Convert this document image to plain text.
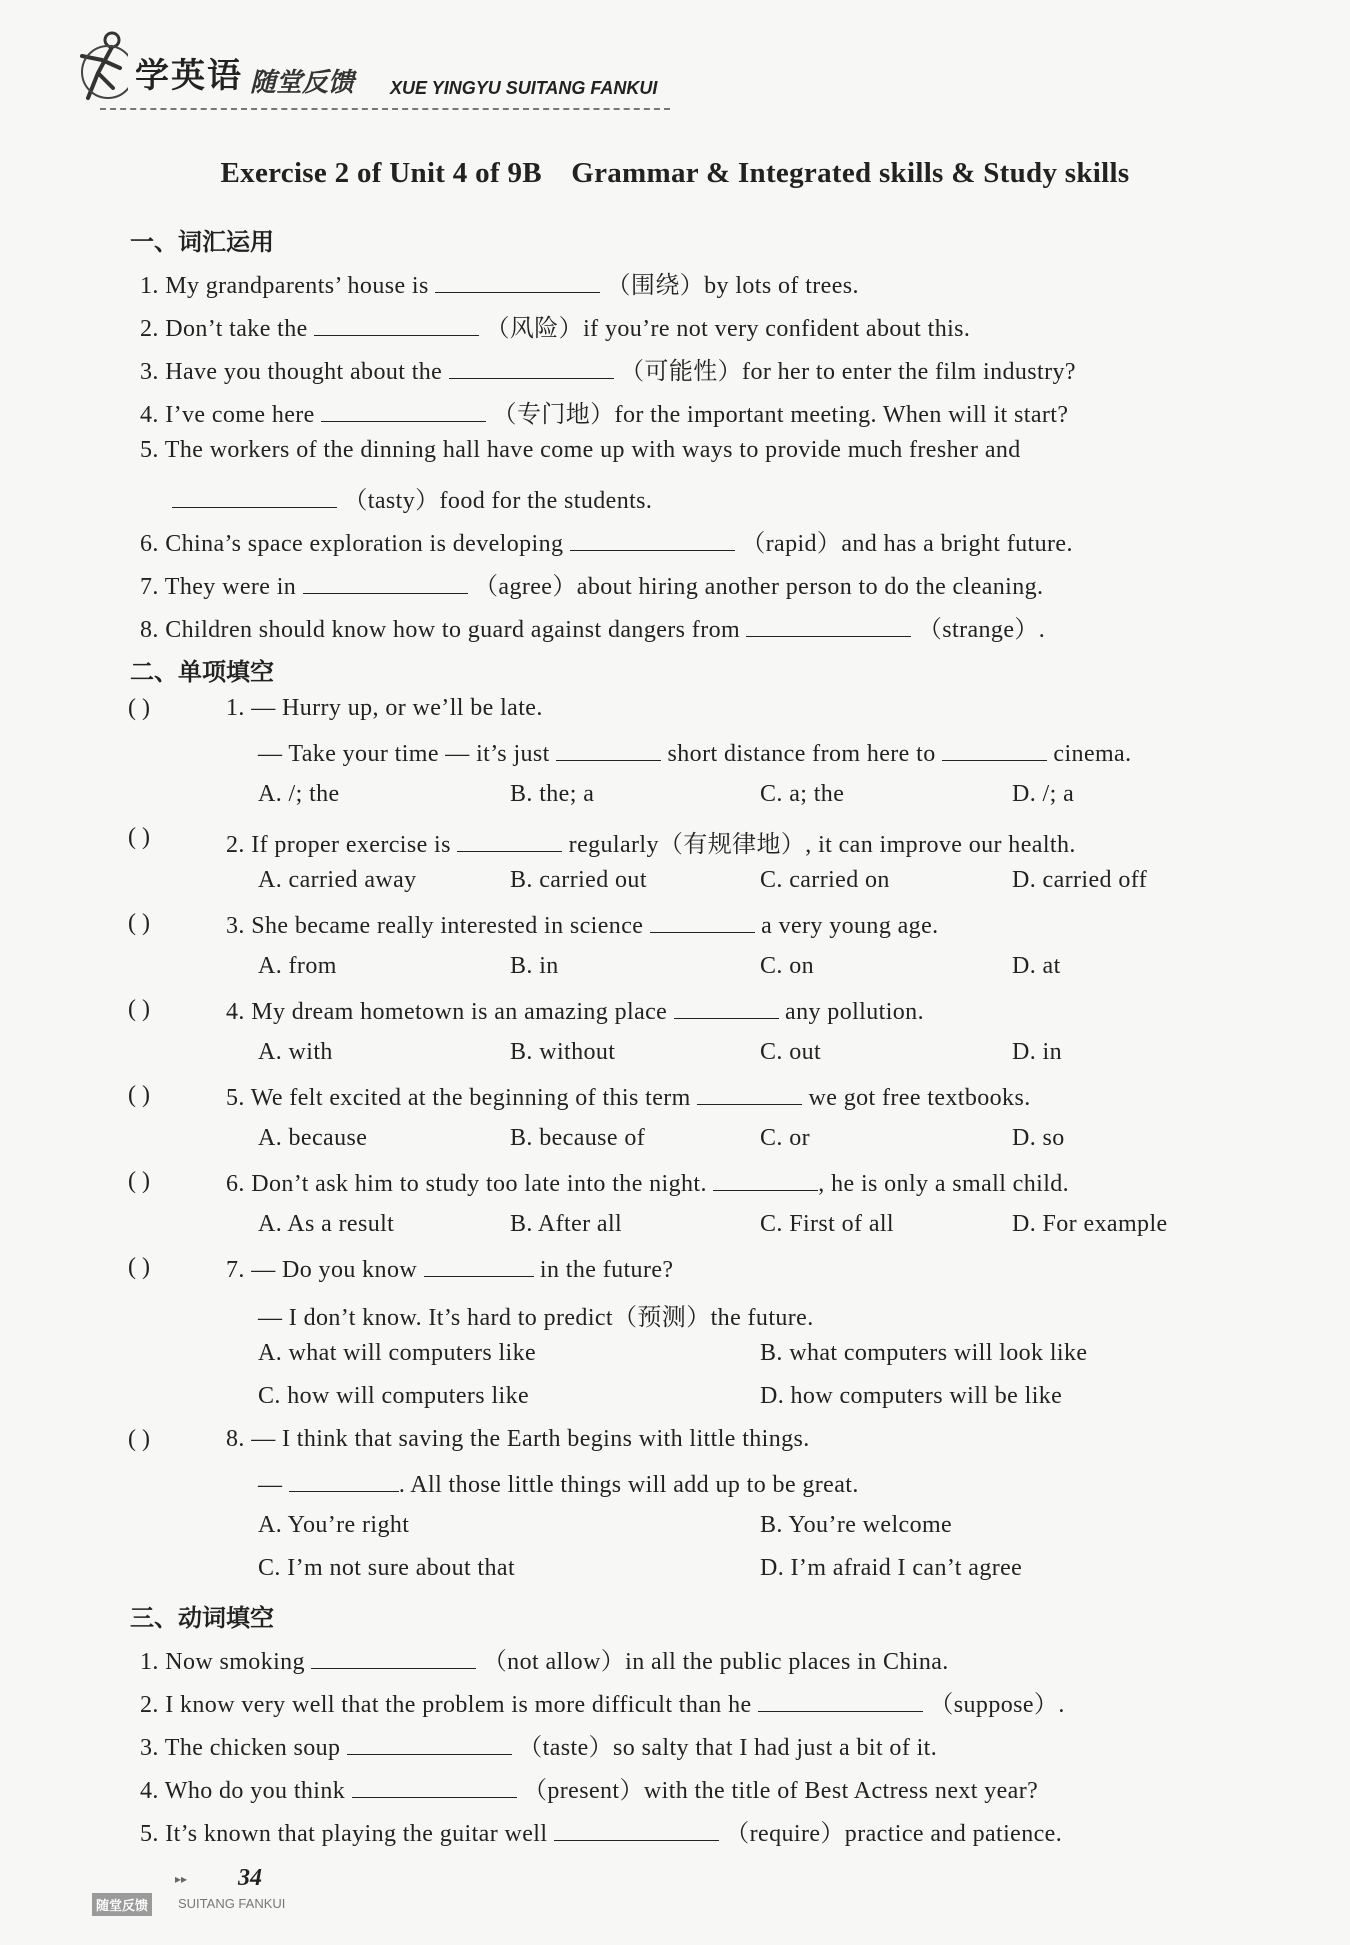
学英语 随堂反馈 XUE YINGYU SUITANG FANKUI
Exercise 2 of Unit 4 of 9B　Grammar & Integrated skills & Study skills
一、词汇运用
1. My grandparents’ house is	（围绕）by lots of trees.
2. Don’t take the	（风险）if you’re not very confident about this.
3. Have you thought about the	（可能性）for her to enter the film industry?
4. I’ve come here	（专门地）for the important meeting. When will it start?
5. The workers of the dinning hall have come up with ways to provide much fresher and
（tasty）food for the students.
6. China’s space exploration is developing	（rapid）and has a bright future.
7. They were in	（agree）about hiring another person to do the cleaning.
8. Children should know how to guard against dangers from	（strange）.
二、单项填空
( )	1. — Hurry up, or we’ll be late.
— Take your time — it’s just	short distance from here to	cinema.
A. /; the	B. the; a	C. a; the	D. /; a
( )	2. If proper exercise is	regularly（有规律地）, it can improve our health.
A. carried away	B. carried out	C. carried on	D. carried off
( )	3. She became really interested in science	a very young age.
A. from	B. in	C. on	D. at
( )	4. My dream hometown is an amazing place	any pollution.
A. with	B. without	C. out	D. in
( )	5. We felt excited at the beginning of this term	we got free textbooks.
A. because	B. because of	C. or	D. so
( )	6. Don’t ask him to study too late into the night.	, he is only a small child.
A. As a result	B. After all	C. First of all	D. For example
( )	7. — Do you know	in the future?
— I don’t know. It’s hard to predict（预测）the future.
A. what will computers like	B. what computers will look like
C. how will computers like	D. how computers will be like
( )	8. — I think that saving the Earth begins with little things.
—	. All those little things will add up to be great.
A. You’re right	B. You’re welcome
C. I’m not sure about that	D. I’m afraid I can’t agree
三、动词填空
1. Now smoking	（not allow）in all the public places in China.
2. I know very well that the problem is more difficult than he	（suppose）.
3. The chicken soup	（taste）so salty that I had just a bit of it.
4. Who do you think	（present）with the title of Best Actress next year?
5. It’s known that playing the guitar well	（require）practice and patience.
▸▸ 34
随堂反馈	SUITANG FANKUI
